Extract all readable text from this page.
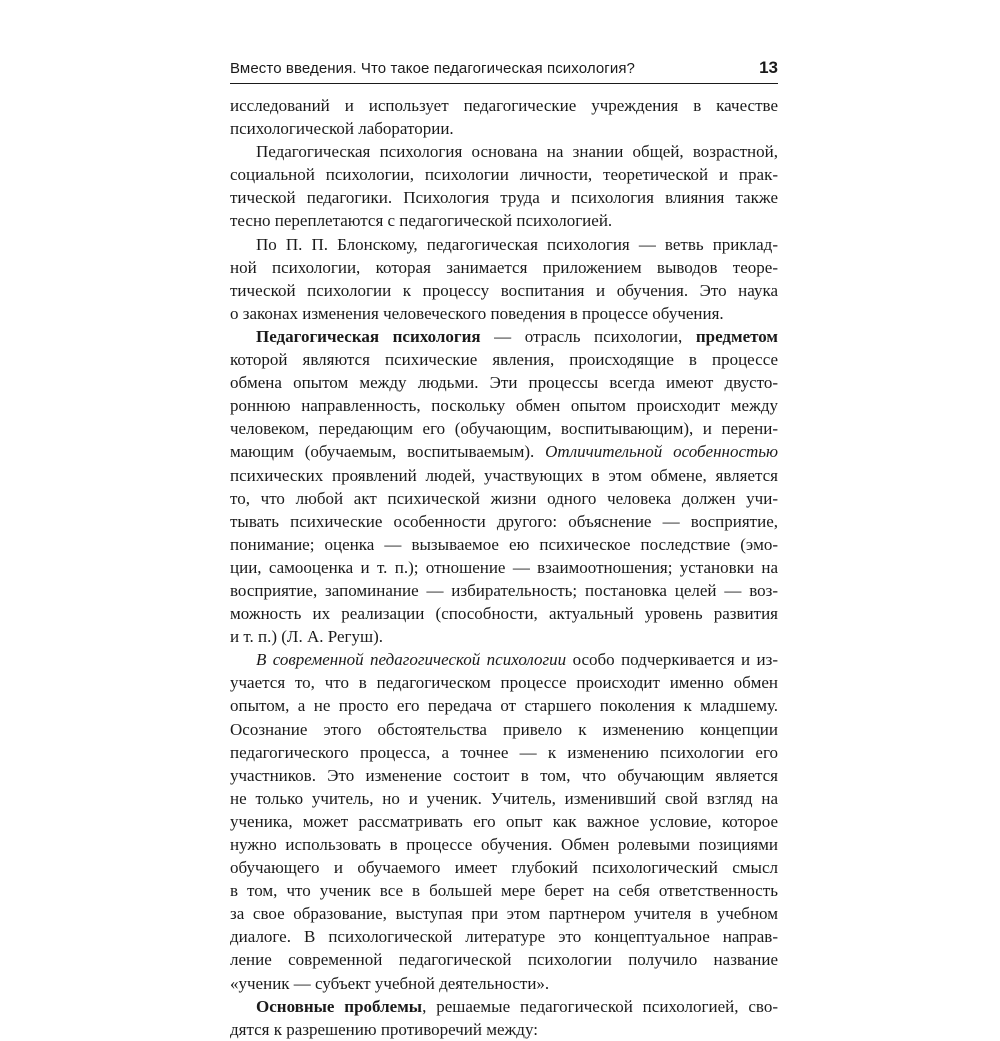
Вместо введения. Что такое педагогическая психология?	13
исследований и использует педагогические учреждения в качестве
психологической лаборатории.
Педагогическая психология основана на знании общей, возрастной,
социальной психологии, психологии личности, теоретической и прак-
тической педагогики. Психология труда и психология влияния также
тесно переплетаются с педагогической психологией.
По П. П. Блонскому, педагогическая психология — ветвь приклад-
ной психологии, которая занимается приложением выводов теоре-
тической психологии к процессу воспитания и обучения. Это наука
о законах изменения человеческого поведения в процессе обучения.
Педагогическая психология — отрасль психологии, предметом
которой являются психические явления, происходящие в процессе
обмена опытом между людьми. Эти процессы всегда имеют двусто-
роннюю направленность, поскольку обмен опытом происходит между
человеком, передающим его (обучающим, воспитывающим), и перени-
мающим (обучаемым, воспитываемым). Отличительной особенностью
психических проявлений людей, участвующих в этом обмене, является
то, что любой акт психической жизни одного человека должен учи-
тывать психические особенности другого: объяснение — восприятие,
понимание; оценка — вызываемое ею психическое последствие (эмо-
ции, самооценка и т. п.); отношение — взаимоотношения; установки на
восприятие, запоминание — избирательность; постановка целей — воз-
можность их реализации (способности, актуальный уровень развития
и т. п.) (Л. А. Регуш).
В современной педагогической психологии особо подчеркивается и из-
учается то, что в педагогическом процессе происходит именно обмен
опытом, а не просто его передача от старшего поколения к младшему.
Осознание этого обстоятельства привело к изменению концепции
педагогического процесса, а точнее — к изменению психологии его
участников. Это изменение состоит в том, что обучающим является
не только учитель, но и ученик. Учитель, изменивший свой взгляд на
ученика, может рассматривать его опыт как важное условие, которое
нужно использовать в процессе обучения. Обмен ролевыми позициями
обучающего и обучаемого имеет глубокий психологический смысл
в том, что ученик все в большей мере берет на себя ответственность
за свое образование, выступая при этом партнером учителя в учебном
диалоге. В психологической литературе это концептуальное направ-
ление современной педагогической психологии получило название
«ученик — субъект учебной деятельности».
Основные проблемы, решаемые педагогической психологией, сво-
дятся к разрешению противоречий между:
